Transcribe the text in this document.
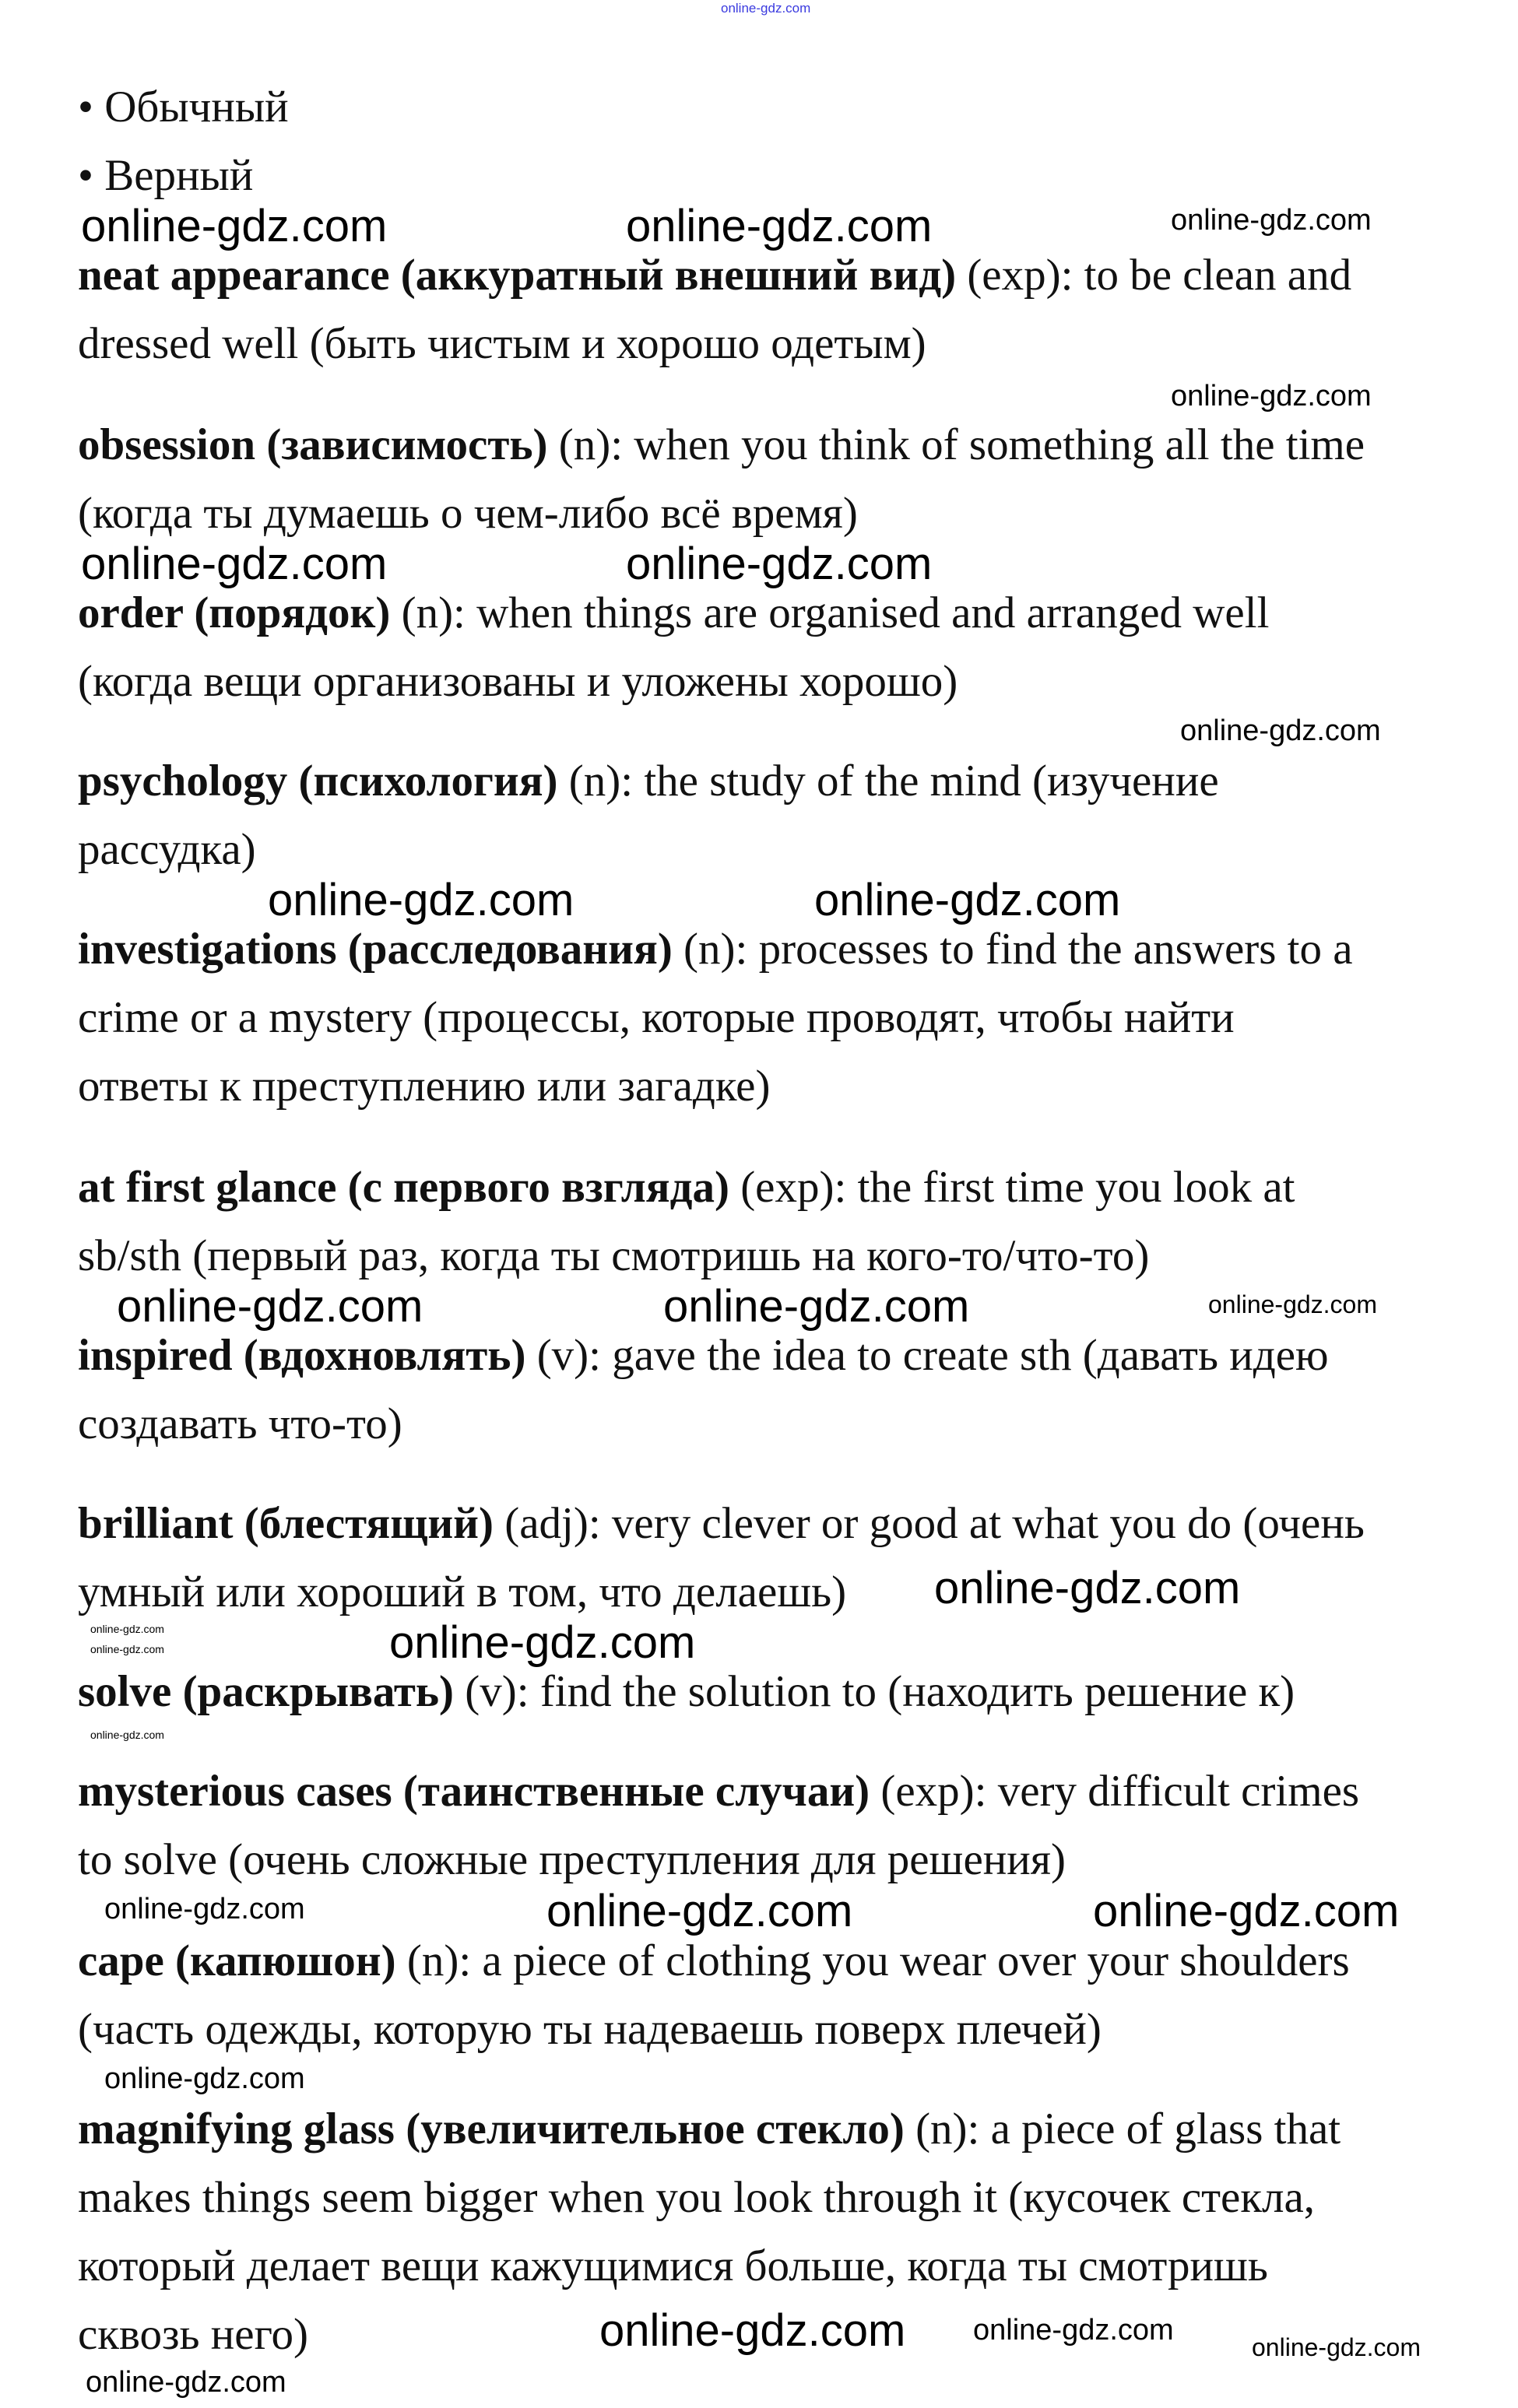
online-gdz.com
• Обычный
• Верный
neat appearance (аккуратный внешний вид) (exp): to be clean and
dressed well (быть чистым и хорошо одетым)
obsession (зависимость) (n): when you think of something all the time
(когда ты думаешь о чем-либо всё время)
order (порядок) (n): when things are organised and arranged well
(когда вещи организованы и уложены хорошо)
psychology (психология) (n): the study of the mind (изучение
рассудка)
investigations (расследования) (n): processes to find the answers to a
crime or a mystery (процессы, которые проводят, чтобы найти
ответы к преступлению или загадке)
at first glance (с первого взгляда) (exp): the first time you look at
sb/sth (первый раз, когда ты смотришь на кого-то/что-то)
inspired (вдохновлять) (v): gave the idea to create sth (давать идею
создавать что-то)
brilliant (блестящий) (adj): very clever or good at what you do (очень
умный или хороший в том, что делаешь)
solve (раскрывать) (v): find the solution to (находить решение к)
mysterious cases (таинственные случаи) (exp): very difficult crimes
to solve (очень сложные преступления для решения)
cape (капюшон) (n): a piece of clothing you wear over your shoulders
(часть одежды, которую ты надеваешь поверх плечей)
magnifying glass (увеличительное стекло) (n): a piece of glass that
makes things seem bigger when you look through it (кусочек стекла,
который делает вещи кажущимися больше, когда ты смотришь
сквозь него)
online-gdz.com	online-gdz.com	online-gdz.com
online-gdz.com
online-gdz.com	online-gdz.com
online-gdz.com
online-gdz.com	online-gdz.com
online-gdz.com
online-gdz.com	online-gdz.com
online-gdz.com
online-gdz.com	online-gdz.com
online-gdz.com
online-gdz.com
online-gdz.com	online-gdz.com	online-gdz.com
online-gdz.com
online-gdz.com
online-gdz.com
online-gdz.com	online-gdz.com
